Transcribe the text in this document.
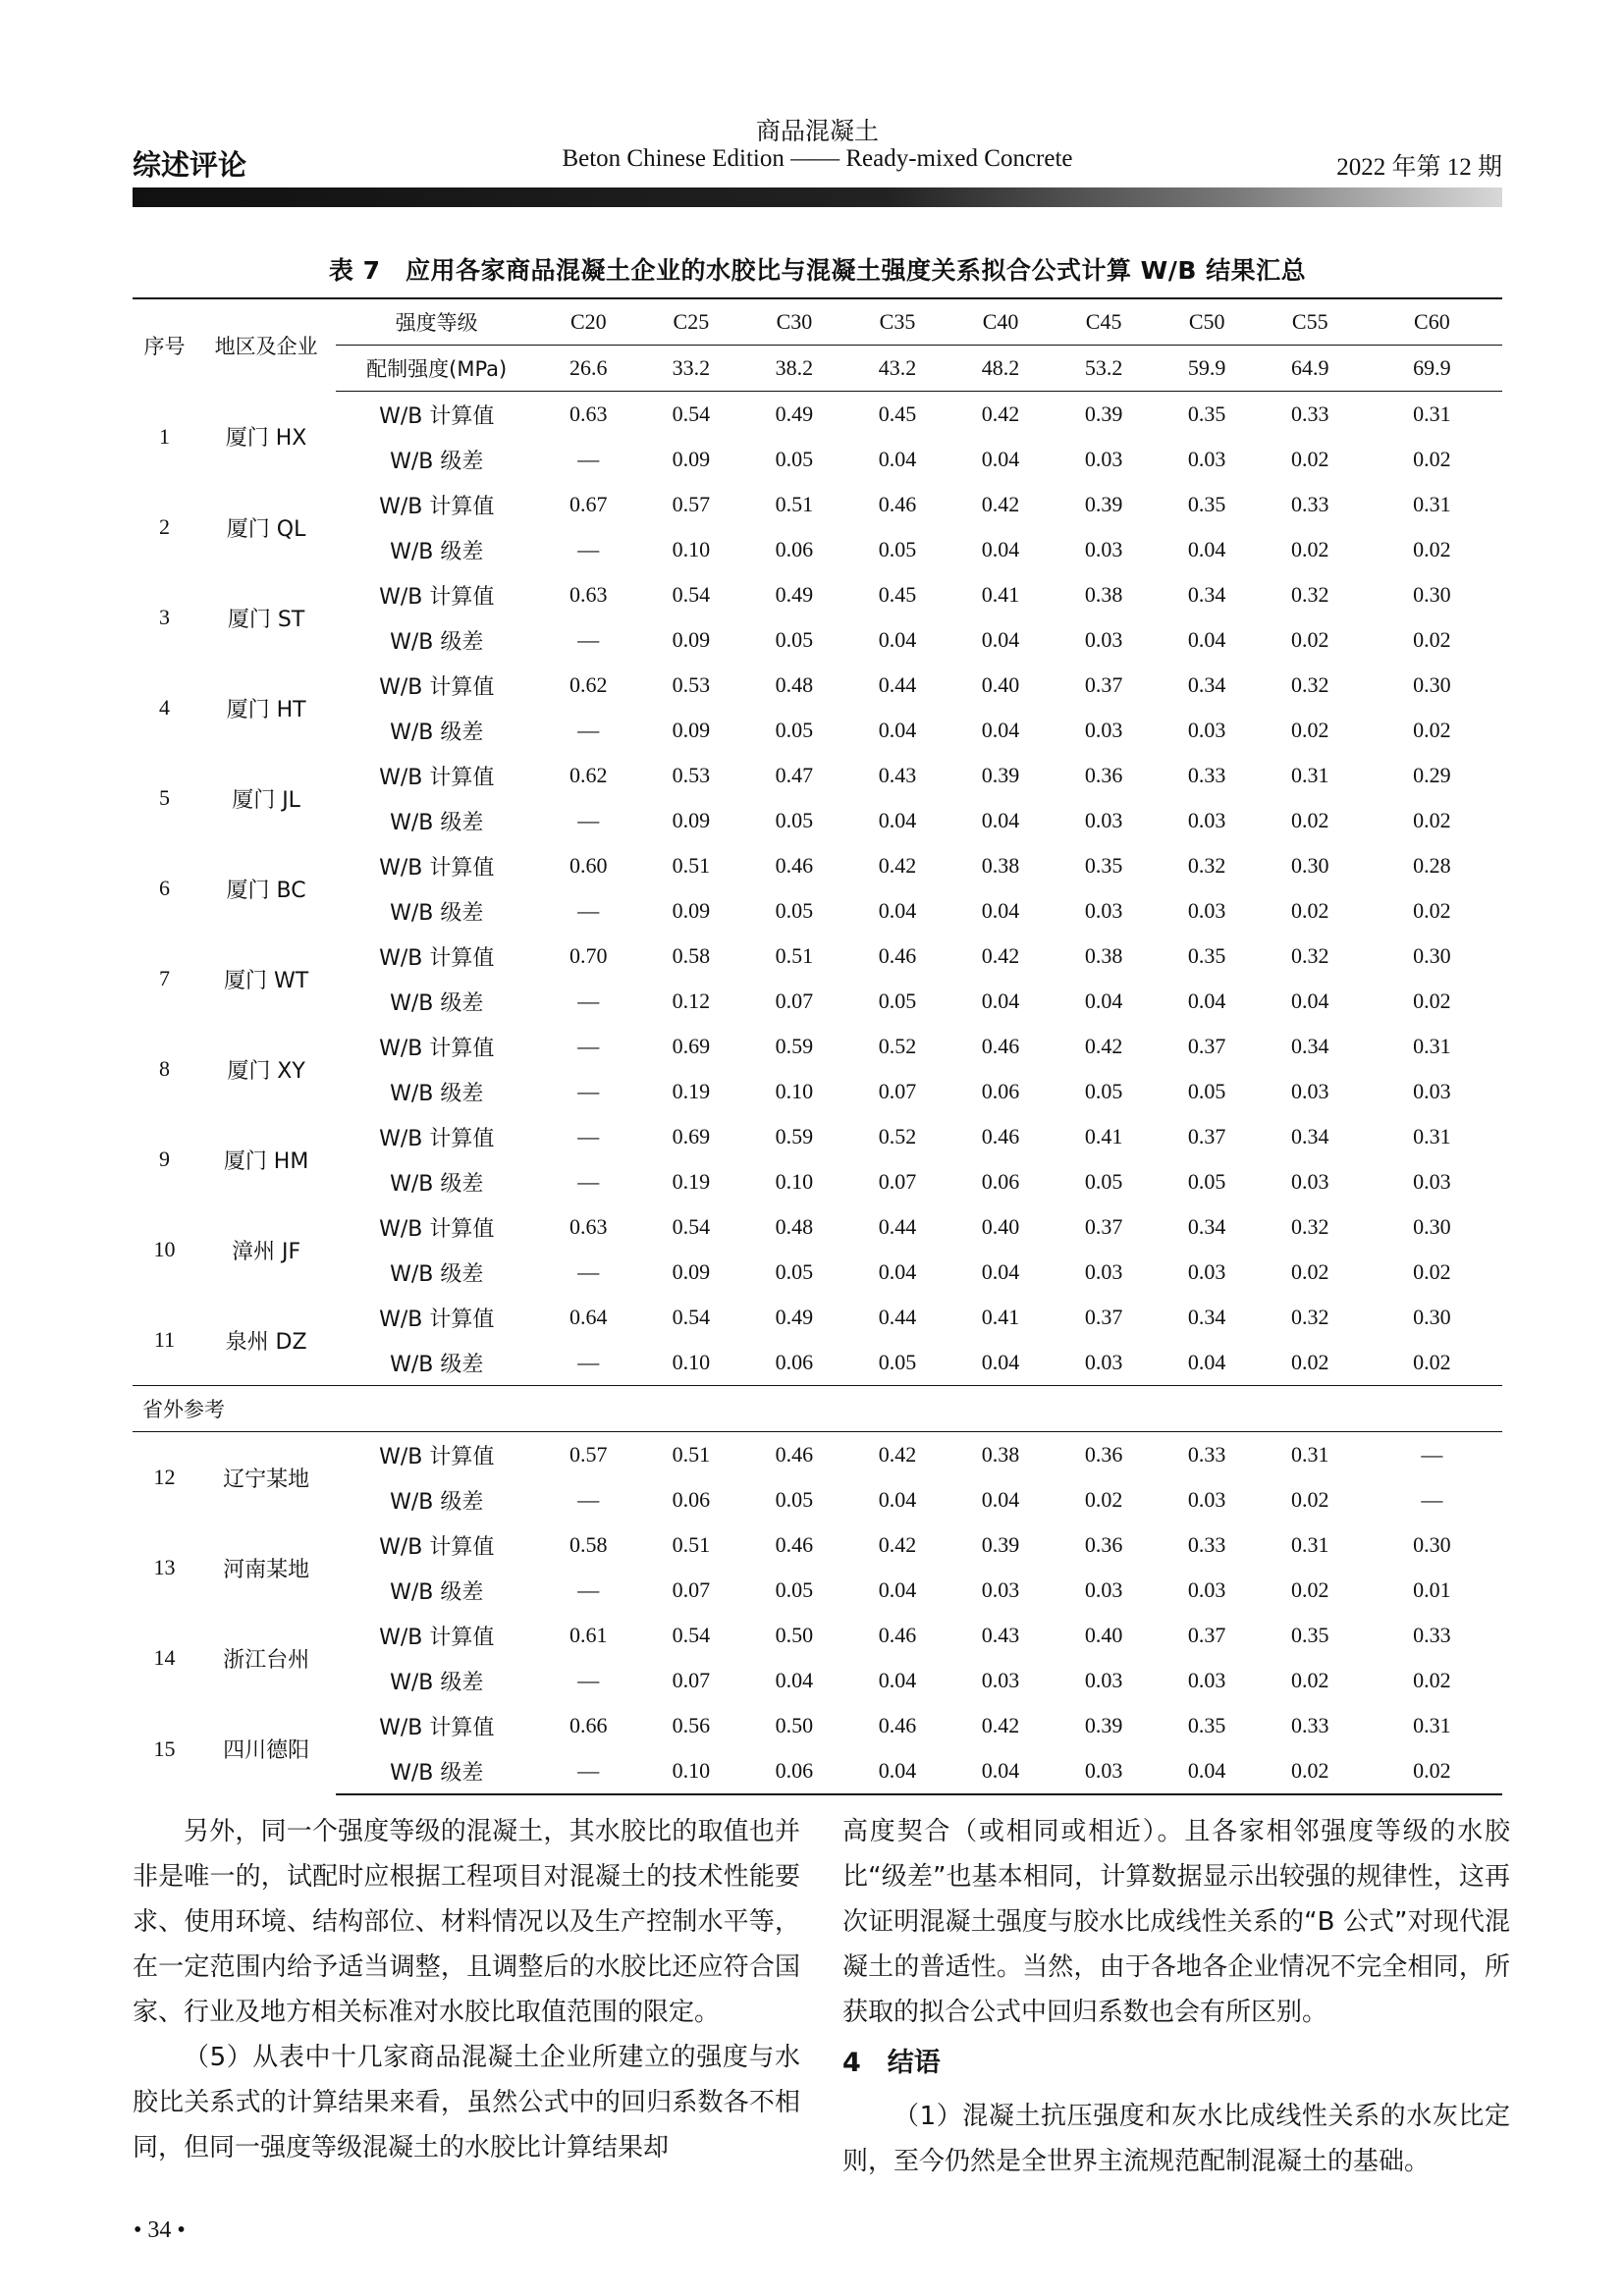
综述评论
商品混凝土
Beton Chinese Edition —— Ready-mixed Concrete	2022 年第 12 期
表 7　应用各家商品混凝土企业的水胶比与混凝土强度关系拟合公式计算 W/B 结果汇总
序号	地区及企业	强度等级	C20	C25	C30	C35	C40	C45	C50	C55	C60
		配制强度(MPa)	26.6	33.2	38.2	43.2	48.2	53.2	59.9	64.9	69.9
1	厦门 HX	W/B 计算值	0.63	0.54	0.49	0.45	0.42	0.39	0.35	0.33	0.31
		W/B 级差	—	0.09	0.05	0.04	0.04	0.03	0.03	0.02	0.02
2	厦门 QL	W/B 计算值	0.67	0.57	0.51	0.46	0.42	0.39	0.35	0.33	0.31
		W/B 级差	—	0.10	0.06	0.05	0.04	0.03	0.04	0.02	0.02
3	厦门 ST	W/B 计算值	0.63	0.54	0.49	0.45	0.41	0.38	0.34	0.32	0.30
		W/B 级差	—	0.09	0.05	0.04	0.04	0.03	0.04	0.02	0.02
4	厦门 HT	W/B 计算值	0.62	0.53	0.48	0.44	0.40	0.37	0.34	0.32	0.30
		W/B 级差	—	0.09	0.05	0.04	0.04	0.03	0.03	0.02	0.02
5	厦门 JL	W/B 计算值	0.62	0.53	0.47	0.43	0.39	0.36	0.33	0.31	0.29
		W/B 级差	—	0.09	0.05	0.04	0.04	0.03	0.03	0.02	0.02
6	厦门 BC	W/B 计算值	0.60	0.51	0.46	0.42	0.38	0.35	0.32	0.30	0.28
		W/B 级差	—	0.09	0.05	0.04	0.04	0.03	0.03	0.02	0.02
7	厦门 WT	W/B 计算值	0.70	0.58	0.51	0.46	0.42	0.38	0.35	0.32	0.30
		W/B 级差	—	0.12	0.07	0.05	0.04	0.04	0.04	0.04	0.02
8	厦门 XY	W/B 计算值	—	0.69	0.59	0.52	0.46	0.42	0.37	0.34	0.31
		W/B 级差	—	0.19	0.10	0.07	0.06	0.05	0.05	0.03	0.03
9	厦门 HM	W/B 计算值	—	0.69	0.59	0.52	0.46	0.41	0.37	0.34	0.31
		W/B 级差	—	0.19	0.10	0.07	0.06	0.05	0.05	0.03	0.03
10	漳州 JF	W/B 计算值	0.63	0.54	0.48	0.44	0.40	0.37	0.34	0.32	0.30
		W/B 级差	—	0.09	0.05	0.04	0.04	0.03	0.03	0.02	0.02
11	泉州 DZ	W/B 计算值	0.64	0.54	0.49	0.44	0.41	0.37	0.34	0.32	0.30
		W/B 级差	—	0.10	0.06	0.05	0.04	0.03	0.04	0.02	0.02
省外参考											
12	辽宁某地	W/B 计算值	0.57	0.51	0.46	0.42	0.38	0.36	0.33	0.31	—
		W/B 级差	—	0.06	0.05	0.04	0.04	0.02	0.03	0.02	—
13	河南某地	W/B 计算值	0.58	0.51	0.46	0.42	0.39	0.36	0.33	0.31	0.30
		W/B 级差	—	0.07	0.05	0.04	0.03	0.03	0.03	0.02	0.01
14	浙江台州	W/B 计算值	0.61	0.54	0.50	0.46	0.43	0.40	0.37	0.35	0.33
		W/B 级差	—	0.07	0.04	0.04	0.03	0.03	0.03	0.02	0.02
15	四川德阳	W/B 计算值	0.66	0.56	0.50	0.46	0.42	0.39	0.35	0.33	0.31
		W/B 级差	—	0.10	0.06	0.04	0.04	0.03	0.04	0.02	0.02

另外，同一个强度等级的混凝土，其水胶比的取值也并非是唯一的，试配时应根据工程项目对混凝土的技术性能要求、使用环境、结构部位、材料情况以及生产控制水平等，在一定范围内给予适当调整，且调整后的水胶比还应符合国家、行业及地方相关标准对水胶比取值范围的限定。

（5）从表中十几家商品混凝土企业所建立的强度与水胶比关系式的计算结果来看，虽然公式中的回归系数各不相同，但同一强度等级混凝土的水胶比计算结果却

高度契合（或相同或相近）。且各家相邻强度等级的水胶比“级差”也基本相同，计算数据显示出较强的规律性，这再次证明混凝土强度与胶水比成线性关系的“B 公式”对现代混凝土的普适性。当然，由于各地各企业情况不完全相同，所获取的拟合公式中回归系数也会有所区别。

4　结语

（1）混凝土抗压强度和灰水比成线性关系的水灰比定则，至今仍然是全世界主流规范配制混凝土的基础。

• 34 •
